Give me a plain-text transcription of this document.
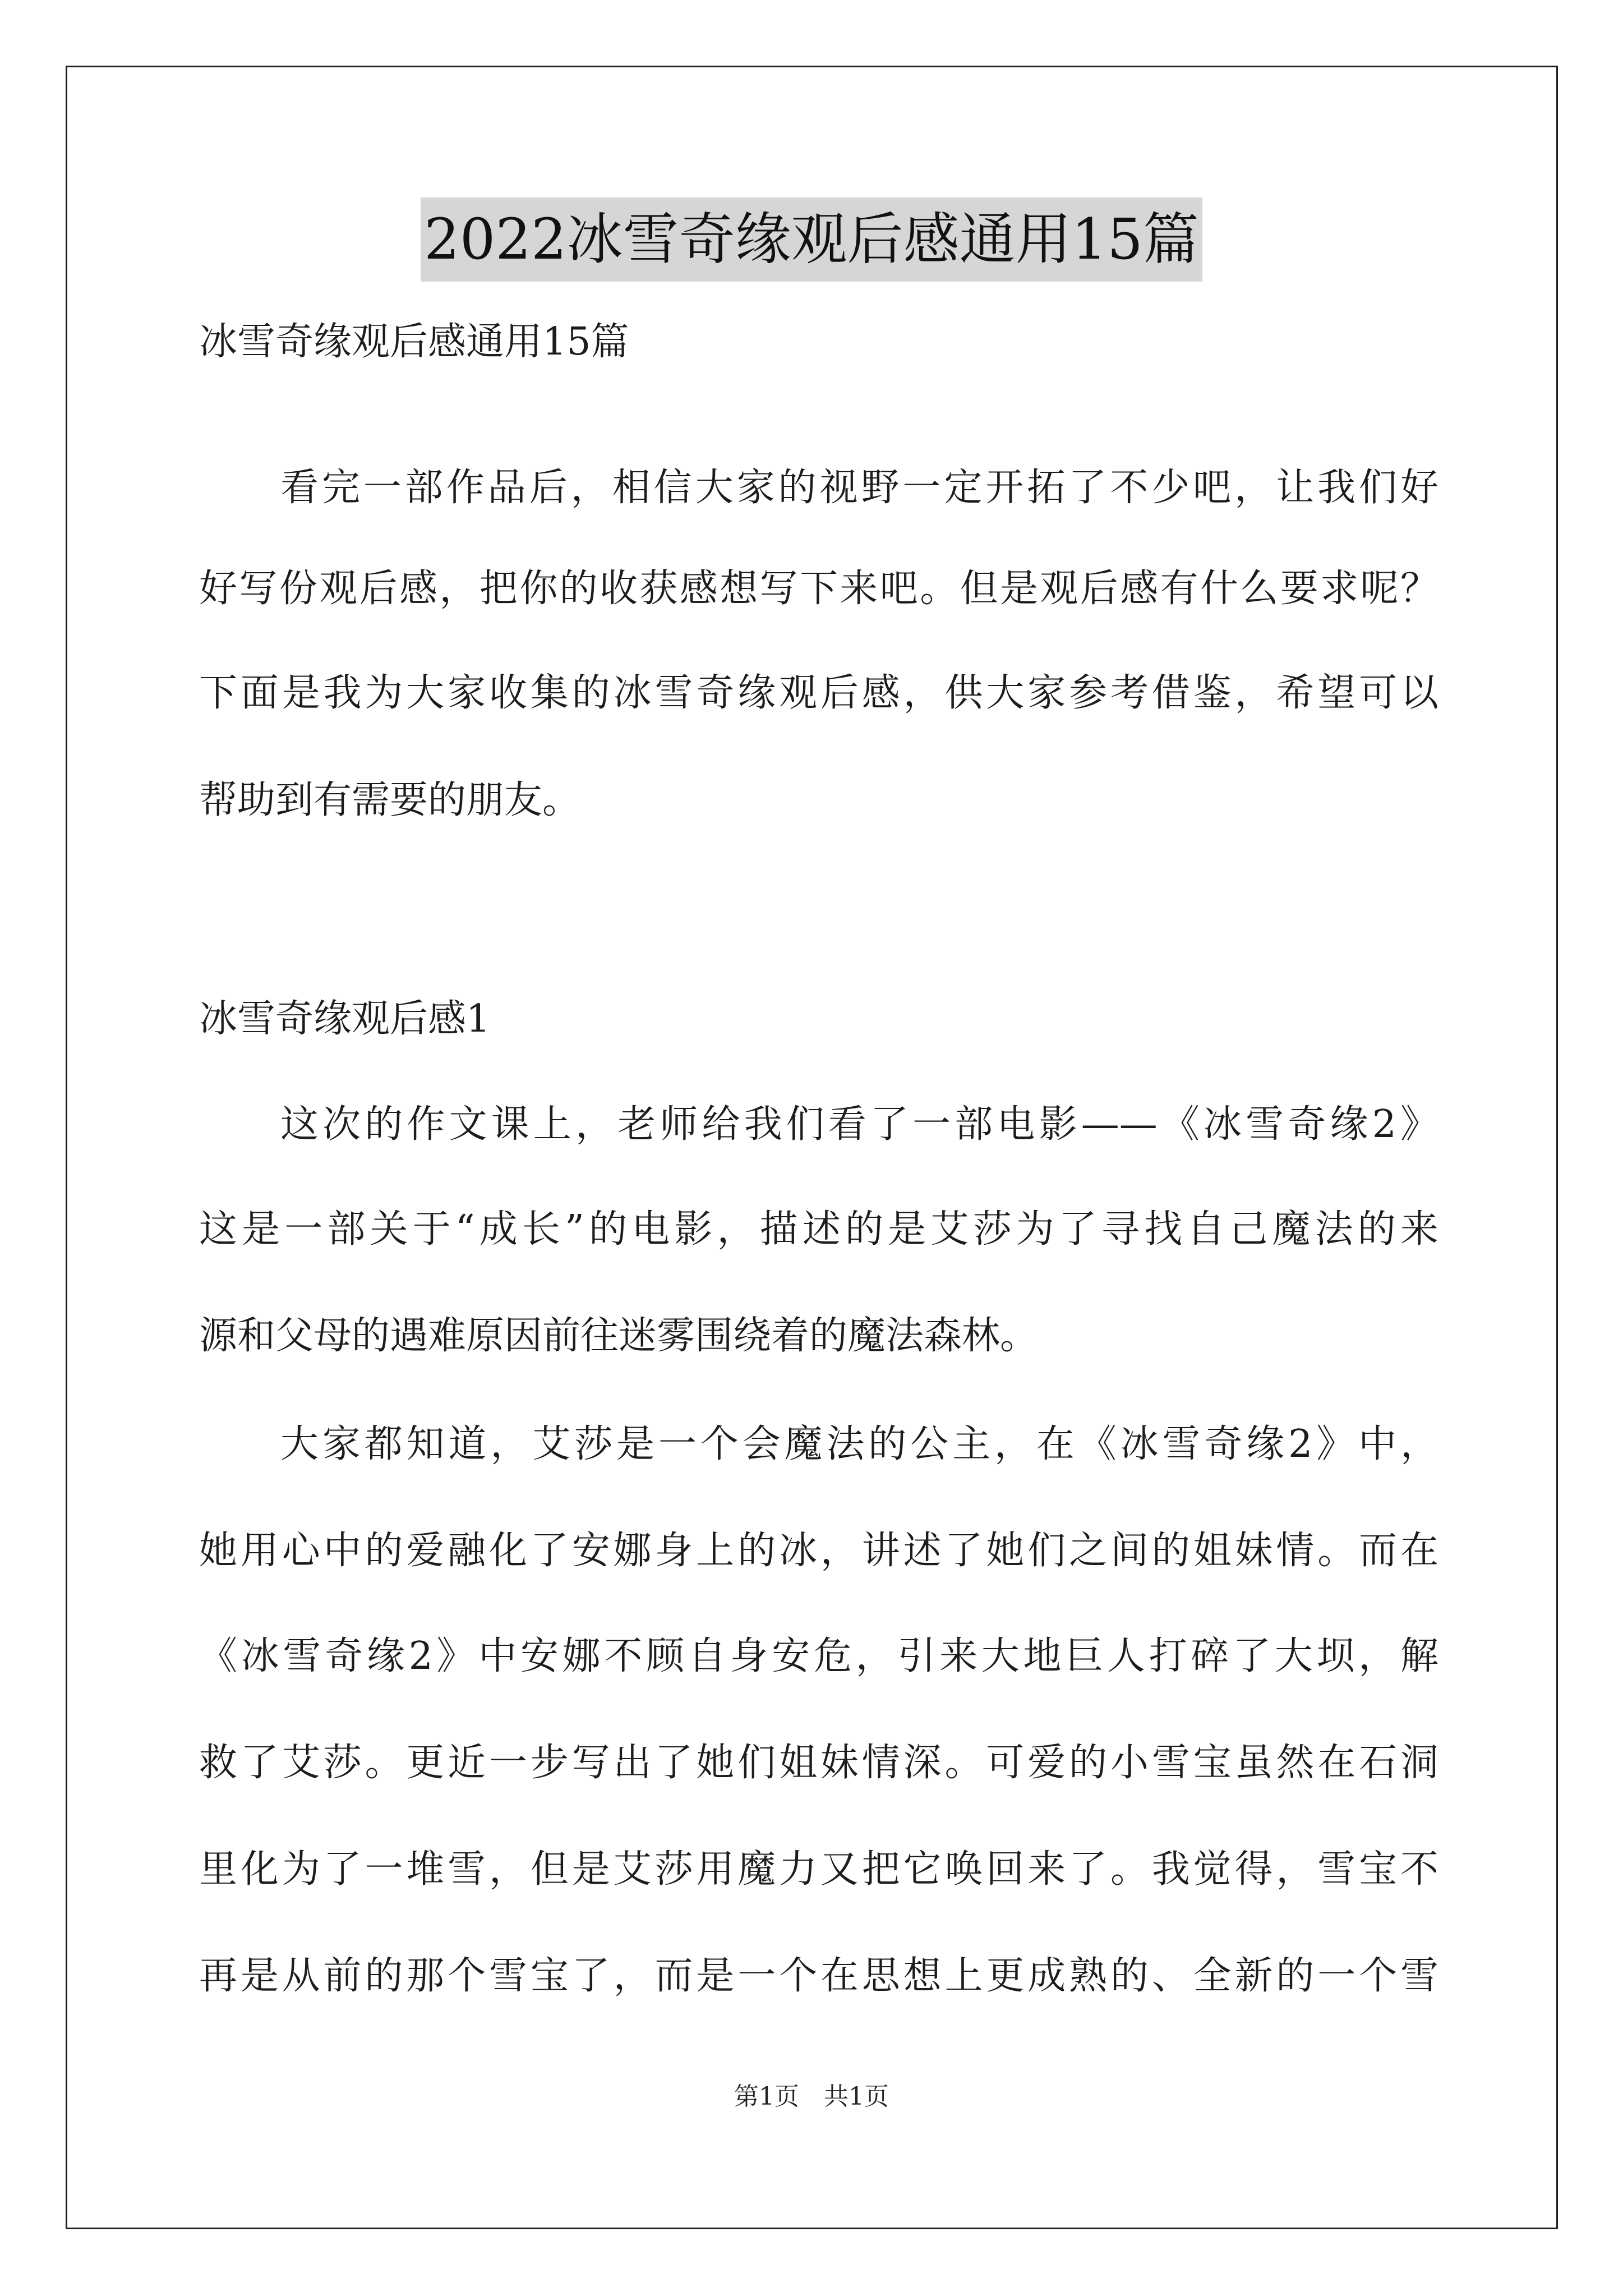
2022冰雪奇缘观后感通用15篇
冰雪奇缘观后感通用15篇
看完一部作品后，相信大家的视野一定开拓了不少吧，让我们好
好写份观后感，把你的收获感想写下来吧。但是观后感有什么要求呢？
下面是我为大家收集的冰雪奇缘观后感，供大家参考借鉴，希望可以
帮助到有需要的朋友。
冰雪奇缘观后感1
这次的作文课上，老师给我们看了一部电影——《冰雪奇缘2》
这是一部关于“成长”的电影，描述的是艾莎为了寻找自己魔法的来
源和父母的遇难原因前往迷雾围绕着的魔法森林。
大家都知道，艾莎是一个会魔法的公主，在《冰雪奇缘2》中，
她用心中的爱融化了安娜身上的冰，讲述了她们之间的姐妹情。而在
《冰雪奇缘2》中安娜不顾自身安危，引来大地巨人打碎了大坝，解
救了艾莎。更近一步写出了她们姐妹情深。可爱的小雪宝虽然在石洞
里化为了一堆雪，但是艾莎用魔力又把它唤回来了。我觉得，雪宝不
再是从前的那个雪宝了，而是一个在思想上更成熟的、全新的一个雪
第1页　共1页
